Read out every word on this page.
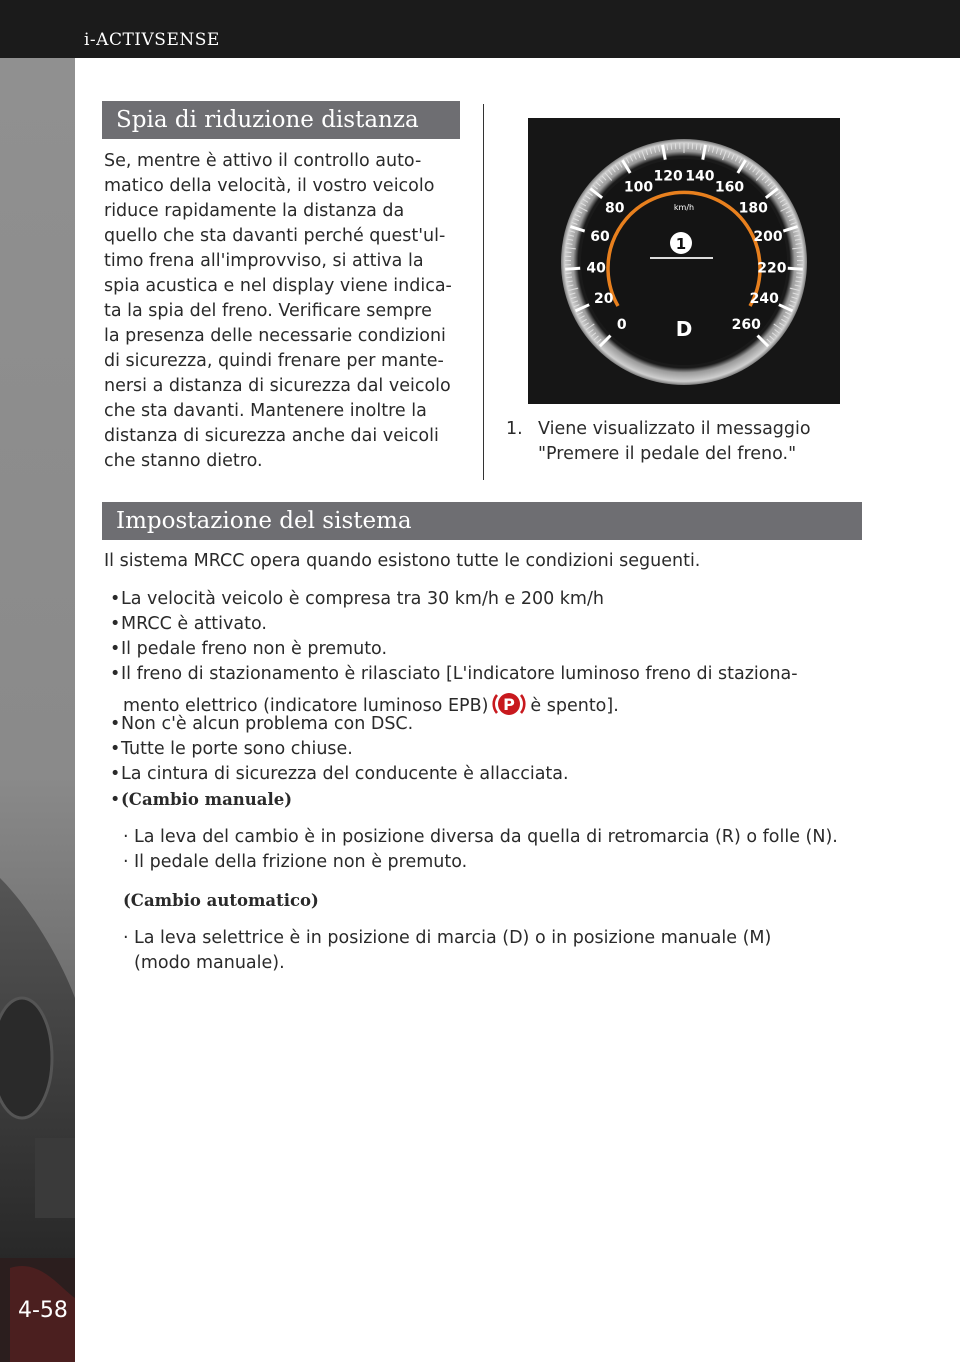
i-ACTIVSENSE
4-58
Spia di riduzione distanza
Se, mentre è attivo il controllo auto-
matico della velocità, il vostro veicolo
riduce rapidamente la distanza da
quello che sta davanti perché quest'ul-
timo frena all'improvviso, si attiva la
spia acustica e nel display viene indica-
ta la spia del freno. Verificare sempre
la presenza delle necessarie condizioni
di sicurezza, quindi frenare per mante-
nersi a distanza di sicurezza dal veicolo
che sta davanti. Mantenere inoltre la
distanza di sicurezza anche dai veicoli
che stanno dietro.
0
20
40
60
80
100
120 140
160
180
200
220
240
260
km/h
1
D
1. Viene visualizzato il messaggio
"Premere il pedale del freno."
Impostazione del sistema
Il sistema MRCC opera quando esistono tutte le condizioni seguenti.
•La velocità veicolo è compresa tra 30 km/h e 200 km/h
•MRCC è attivato.
•Il pedale freno non è premuto.
•Il freno di stazionamento è rilasciato [L'indicatore luminoso freno di staziona-
mento elettrico (indicatore luminoso EPB) P è spento].
•Non c'è alcun problema con DSC.
•Tutte le porte sono chiuse.
•La cintura di sicurezza del conducente è allacciata.
•(Cambio manuale)
· La leva del cambio è in posizione diversa da quella di retromarcia (R) o folle (N).
· Il pedale della frizione non è premuto.
(Cambio automatico)
· La leva selettrice è in posizione di marcia (D) o in posizione manuale (M)
(modo manuale).
